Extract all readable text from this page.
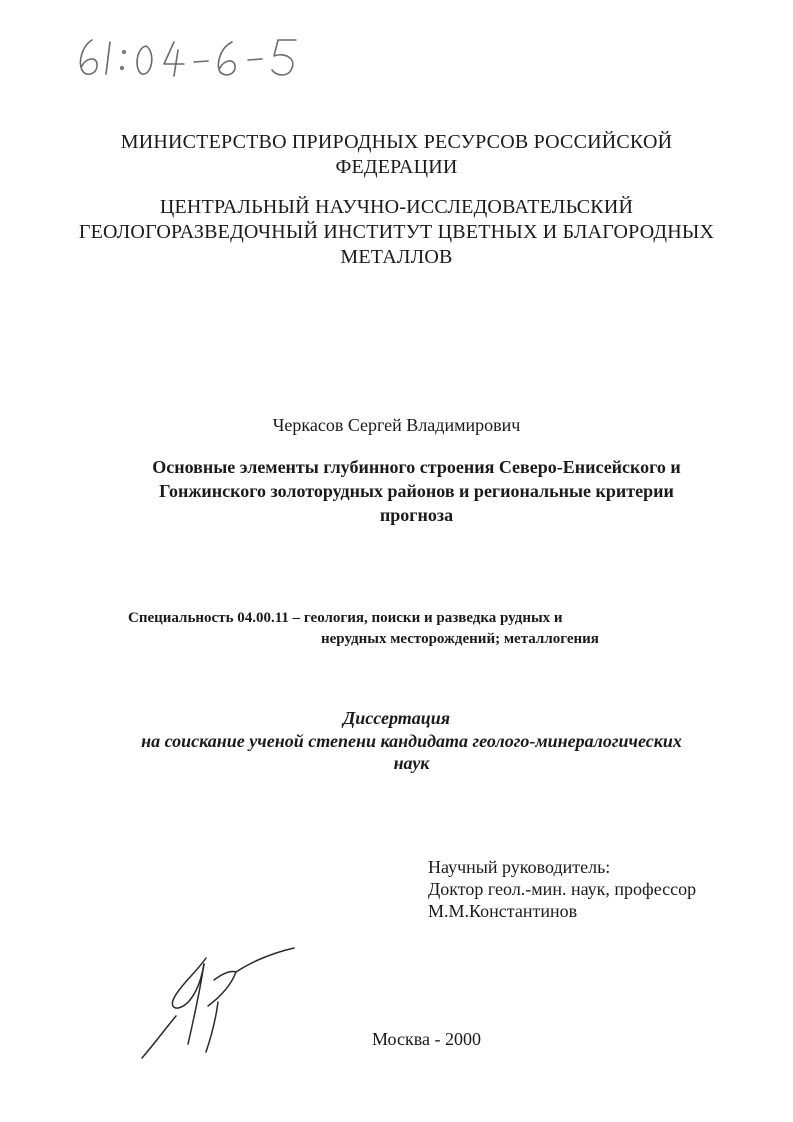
МИНИСТЕРСТВО ПРИРОДНЫХ РЕСУРСОВ РОССИЙСКОЙ
ФЕДЕРАЦИИ
ЦЕНТРАЛЬНЫЙ НАУЧНО-ИССЛЕДОВАТЕЛЬСКИЙ
ГЕОЛОГОРАЗВЕДОЧНЫЙ ИНСТИТУТ ЦВЕТНЫХ И БЛАГОРОДНЫХ
МЕТАЛЛОВ
Черкасов Сергей Владимирович
Основные элементы глубинного строения Северо-Енисейского и
Гонжинского золоторудных районов и региональные критерии
прогноза
Специальность 04.00.11 – геология, поиски и разведка рудных и
нерудных месторождений; металлогения
Диссертация
на соискание ученой степени кандидата геолого-минералогических
наук
Научный руководитель:
Доктор геол.-мин. наук, профессор
М.М.Константинов
Москва - 2000
